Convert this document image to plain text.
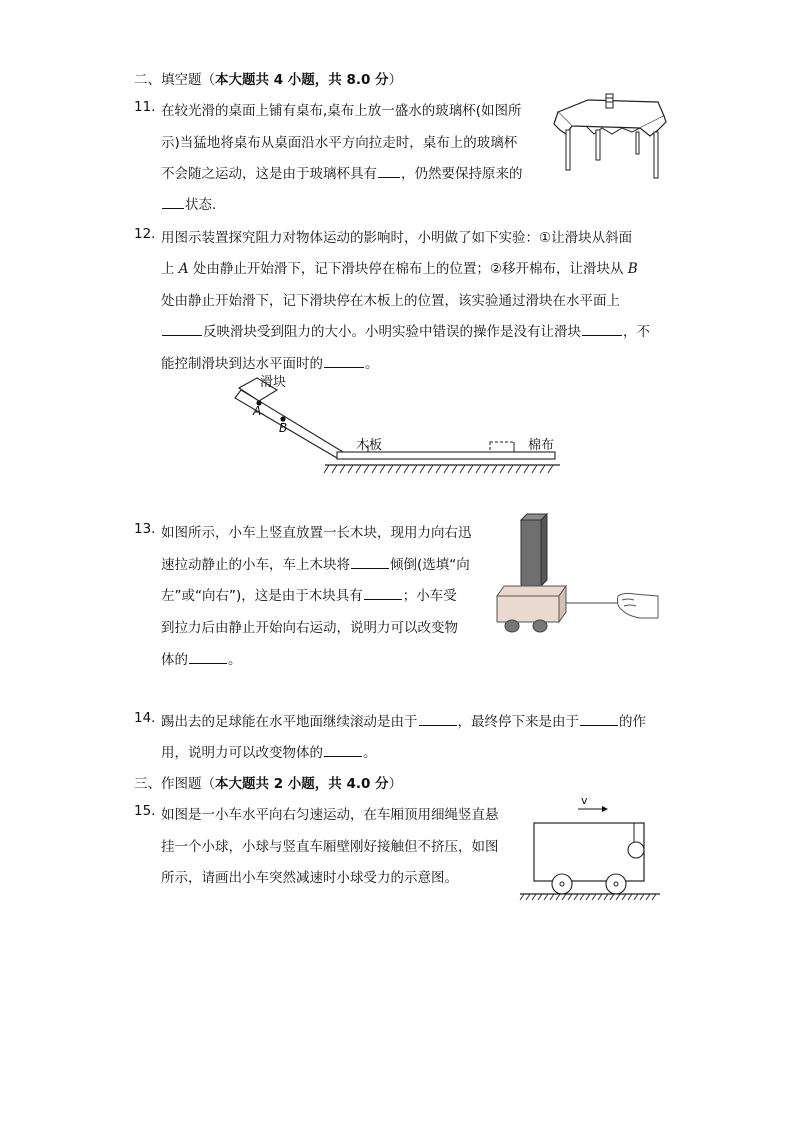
二、填空题（本大题共 4 小题，共 8.0 分）
11. 在较光滑的桌面上铺有桌布,桌布上放一盛水的玻璃杯(如图所
示)当猛地将桌布从桌面沿水平方向拉走时，桌布上的玻璃杯
不会随之运动，这是由于玻璃杯具有 ，仍然要保持原来的
状态．
12. 用图示装置探究阻力对物体运动的影响时，小明做了如下实验：①让滑块从斜面
上 A 处由静止开始滑下，记下滑块停在棉布上的位置；②移开棉布，让滑块从 B
处由静止开始滑下，记下滑块停在木板上的位置，该实验通过滑块在水平面上
反映滑块受到阻力的大小。小明实验中错误的操作是没有让滑块	，不
能控制滑块到达水平面时的	。
滑块
A
B
木板	棉布
13. 如图所示，小车上竖直放置一长木块，现用力向右迅
速拉动静止的小车，车上木块将	倾倒(选填“向
左”或“向右”)，这是由于木块具有	；小车受
到拉力后由静止开始向右运动，说明力可以改变物
体的	。
14. 踢出去的足球能在水平地面继续滚动是由于	，最终停下来是由于	的作
用，说明力可以改变物体的	。
三、作图题（本大题共 2 小题，共 4.0 分）
15. 如图是一小车水平向右匀速运动，在车厢顶用细绳竖直悬
挂一个小球，小球与竖直车厢壁刚好接触但不挤压，如图
所示，请画出小车突然减速时小球受力的示意图。
v
